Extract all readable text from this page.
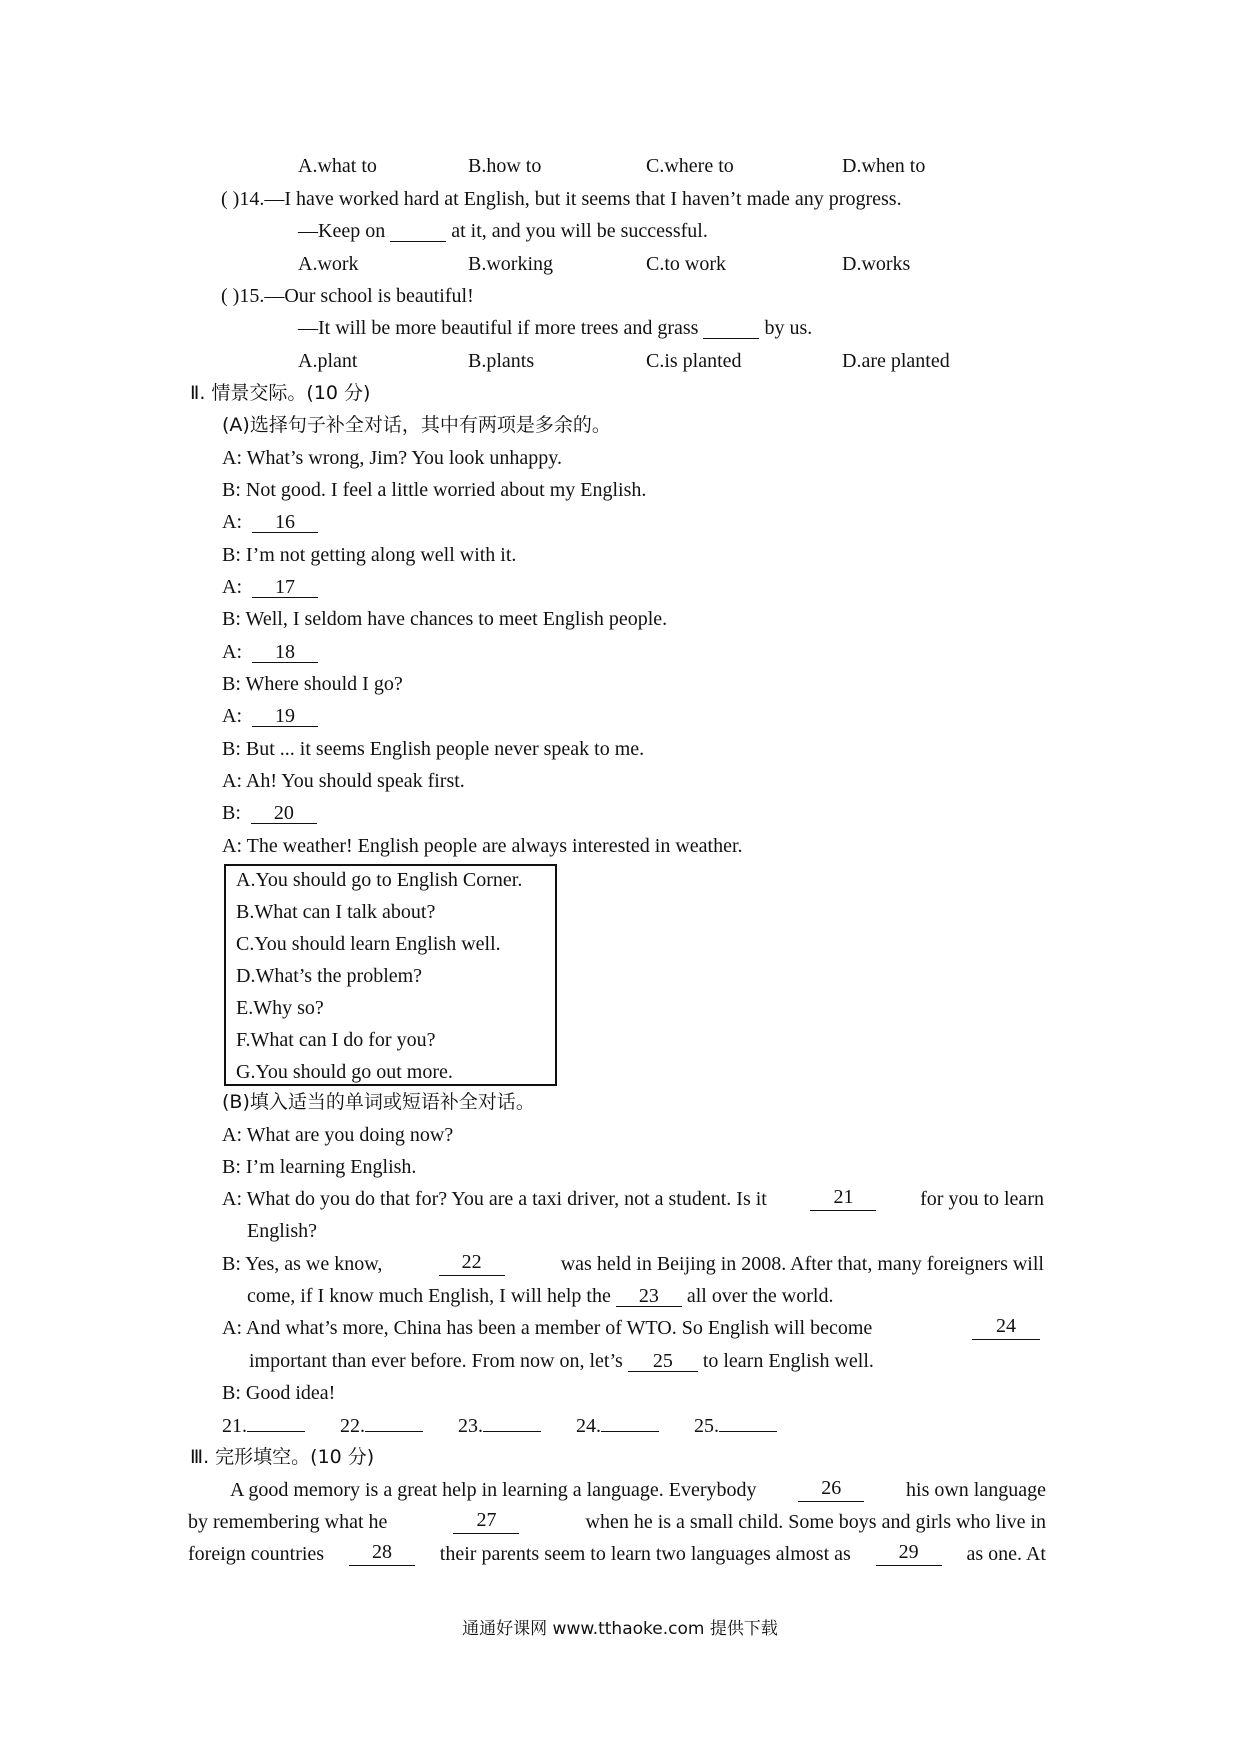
A.what to	B.how to	C.where to	D.when to
( )14.—I have worked hard at English, but it seems that I haven’t made any progress.
—Keep on	at it, and you will be successful.
A.work	B.working	C.to work	D.works
( )15.—Our school is beautiful!
—It will be more beautiful if more trees and grass	by us.
A.plant	B.plants	C.is planted	D.are planted
Ⅱ. 情景交际。(10 分)
(A)选择句子补全对话，其中有两项是多余的。
A: What’s wrong, Jim? You look unhappy.
B: Not good. I feel a little worried about my English.
A: 16
B: I’m not getting along well with it.
A: 17
B: Well, I seldom have chances to meet English people.
A: 18
B: Where should I go?
A: 19
B: But ... it seems English people never speak to me.
A: Ah! You should speak first.
B: 20
A: The weather! English people are always interested in weather.
A.You should go to English Corner.
B.What can I talk about?
C.You should learn English well.
D.What’s the problem?
E.Why so?
F.What can I do for you?
G.You should go out more.
(B)填入适当的单词或短语补全对话。
A: What are you doing now?
B: I’m learning English.
A: What do you do that for? You are a taxi driver, not a student. Is it	21	for you to learn
English?
B: Yes, as we know,	22	was held in Beijing in 2008. After that, many foreigners will
come, if I know much English, I will help the 23 all over the world.
A: And what’s more, China has been a member of WTO. So English will become	24
important than ever before. From now on, let’s 25 to learn English well.
B: Good idea!
21.	22.	23.	24.	25.
Ⅲ. 完形填空。(10 分)
A good memory is a great help in learning a language. Everybody	26	his own language
by remembering what he	27	when he is a small child. Some boys and girls who live in
foreign countries	28	their parents seem to learn two languages almost as	29	as one. At
通通好课网 www.tthaoke.com 提供下载
